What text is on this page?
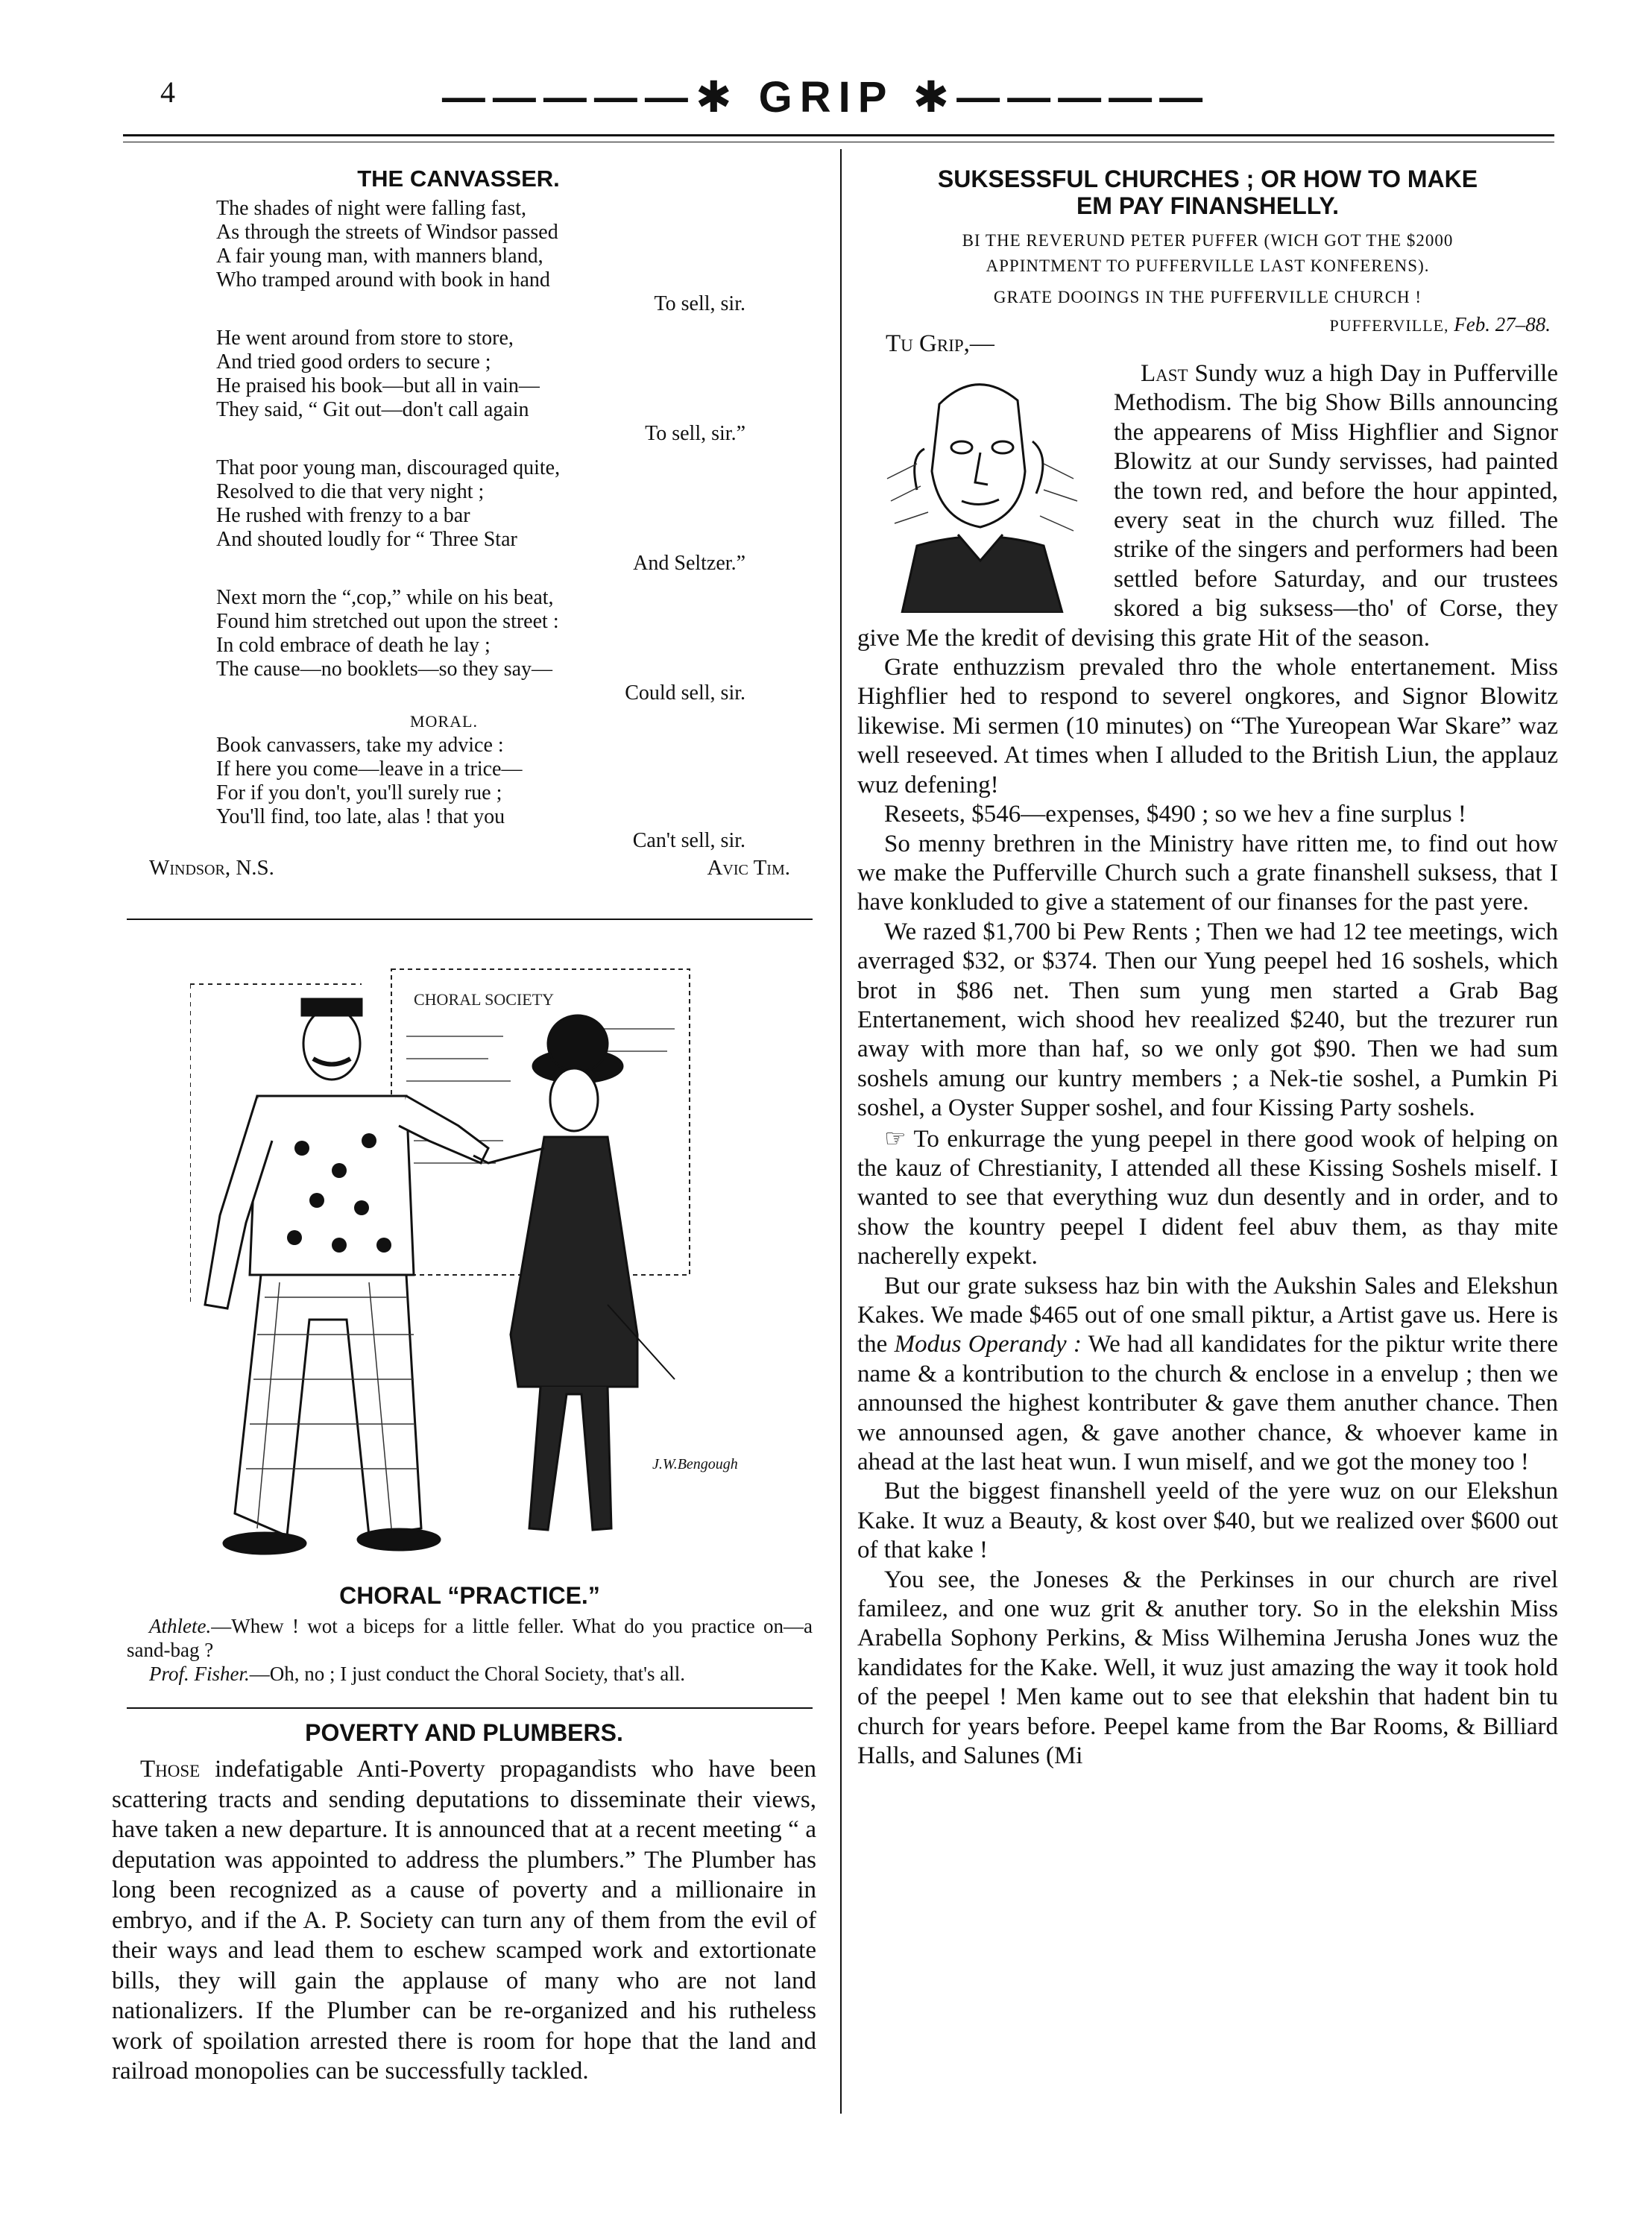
4	—————✱ GRIP ✱—————
THE CANVASSER.
The shades of night were falling fast,
As through the streets of Windsor passed
A fair young man, with manners bland,
Who tramped around with book in hand
To sell, sir.
He went around from store to store,
And tried good orders to secure ;
He praised his book—but all in vain—
They said, “ Git out—don't call again
To sell, sir.”
That poor young man, discouraged quite,
Resolved to die that very night ;
He rushed with frenzy to a bar
And shouted loudly for “ Three Star
And Seltzer.”
Next morn the “,cop,” while on his beat,
Found him stretched out upon the street :
In cold embrace of death he lay ;
The cause—no booklets—so they say—
Could sell, sir.
MORAL.
Book canvassers, take my advice :
If here you come—leave in a trice—
For if you don't, you'll surely rue ;
You'll find, too late, alas ! that you
Can't sell, sir.
Windsor, N.S.	Avic Tim.
CHORAL SOCIETY
J.W.Bengough
CHORAL “PRACTICE.”
Athlete.—Whew ! wot a biceps for a little feller. What do you practice on—a sand-bag ?
Prof. Fisher.—Oh, no ; I just conduct the Choral Society, that's all.
POVERTY AND PLUMBERS.

Those indefatigable Anti-Poverty propagandists who have been scattering tracts and sending deputations to disseminate their views, have taken a new departure. It is announced that at a recent meeting “ a deputation was appointed to address the plumbers.” The Plumber has long been recognized as a cause of poverty and a millionaire in embryo, and if the A. P. Society can turn any of them from the evil of their ways and lead them to eschew scamped work and extortionate bills, they will gain the applause of many who are not land nationalizers. If the Plumber can be re-organized and his rutheless work of spoilation arrested there is room for hope that the land and railroad monopolies can be successfully tackled.

SUKSESSFUL CHURCHES ; OR HOW TO MAKE
EM PAY FINANSHELLY.
BI THE REVERUND PETER PUFFER (WICH GOT THE $2000
APPINTMENT TO PUFFERVILLE LAST KONFERENS).
GRATE DOOINGS IN THE PUFFERVILLE CHURCH !
PUFFERVILLE, Feb. 27–88.
Tu Grip,—

Last Sundy wuz a high Day in Pufferville Methodism. The big Show Bills announcing the appearens of Miss Highflier and Signor Blowitz at our Sundy servisses, had painted the town red, and before the hour appinted, every seat in the church wuz filled. The strike of the singers and performers had been settled before Saturday, and our trustees skored a big suksess—tho' of Corse, they give Me the kredit of devising this grate Hit of the season.

Grate enthuzzism prevaled thro the whole entertanement. Miss Highflier hed to respond to severel ongkores, and Signor Blowitz likewise. Mi sermen (10 minutes) on “The Yureopean War Skare” waz well reseeved. At times when I alluded to the British Liun, the applauz wuz defening!

Reseets, $546—expenses, $490 ; so we hev a fine surplus !

So menny brethren in the Ministry have ritten me, to find out how we make the Pufferville Church such a grate finanshell suksess, that I have konkluded to give a statement of our finanses for the past yere.

We razed $1,700 bi Pew Rents ; Then we had 12 tee meetings, wich averraged $32, or $374. Then our Yung peepel hed 16 soshels, which brot in $86 net. Then sum yung men started a Grab Bag Entertanement, wich shood hev reealized $240, but the trezurer run away with more than haf, so we only got $90. Then we had sum soshels amung our kuntry members ; a Nek-tie soshel, a Pumkin Pi soshel, a Oyster Supper soshel, and four Kissing Party soshels.

☞ To enkurrage the yung peepel in there good wook of helping on the kauz of Chrestianity, I attended all these Kissing Soshels miself. I wanted to see that everything wuz dun desently and in order, and to show the kountry peepel I dident feel abuv them, as thay mite nacherelly expekt.

But our grate suksess haz bin with the Aukshin Sales and Elekshun Kakes. We made $465 out of one small piktur, a Artist gave us. Here is the Modus Operandy : We had all kandidates for the piktur write there name & a kontribution to the church & enclose in a envelup ; then we announsed the highest kontributer & gave them anuther chance. Then we announsed agen, & gave another chance, & whoever kame in ahead at the last heat wun. I wun miself, and we got the money too !

But the biggest finanshell yeeld of the yere wuz on our Elekshun Kake. It wuz a Beauty, & kost over $40, but we realized over $600 out of that kake !

You see, the Joneses & the Perkinses in our church are rivel famileez, and one wuz grit & anuther tory. So in the elekshin Miss Arabella Sophony Perkins, & Miss Wilhemina Jerusha Jones wuz the kandidates for the Kake. Well, it wuz just amazing the way it took hold of the peepel ! Men kame out to see that elekshin that hadent bin tu church for years before. Peepel kame from the Bar Rooms, & Billiard Halls, and Salunes (Mi
